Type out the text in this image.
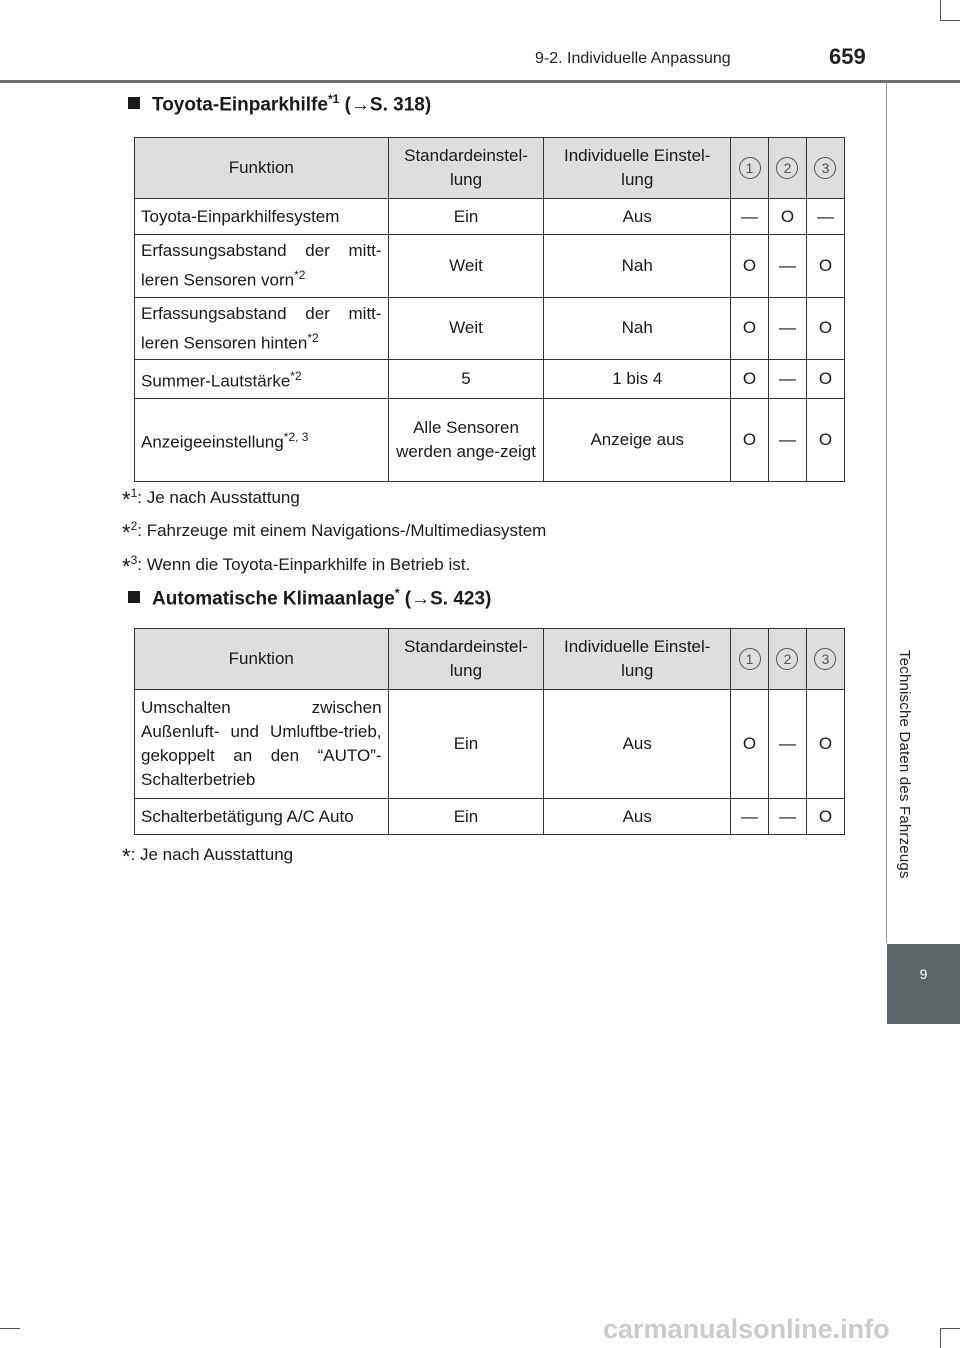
9-2. Individuelle Anpassung	659
Technische Daten des Fahrzeugs
9
Toyota-Einparkhilfe$^{*1}$ (→S. 318)
Funktion	Standardeinstel-lung	Individuelle Einstel-lung	1	2	3
Toyota-Einparkhilfesystem	Ein	Aus	—	O	—
Erfassungsabstand der mitt-leren Sensoren vorn$^{*2}$	Weit	Nah	O	—	O
Erfassungsabstand der mitt-leren Sensoren hinten$^{*2}$	Weit	Nah	O	—	O
Summer-Lautstärke$^{*2}$	5	1 bis 4	O	—	O
Anzeigeeinstellung$^{*2, 3}$	Alle Sensoren werden ange-zeigt	Anzeige aus	O	—	O
*$^1$: Je nach Ausstattung
*$^2$: Fahrzeuge mit einem Navigations-/Multimediasystem
*$^3$: Wenn die Toyota-Einparkhilfe in Betrieb ist.
Automatische Klimaanlage* (→S. 423)
Funktion	Standardeinstel-lung	Individuelle Einstel-lung	1	2	3
Umschalten zwischen Außenluft- und Umluftbe-trieb, gekoppelt an den “AUTO”-Schalterbetrieb	Ein	Aus	O	—	O
Schalterbetätigung A/C Auto	Ein	Aus	—	—	O
*: Je nach Ausstattung
carmanualsonline.info
